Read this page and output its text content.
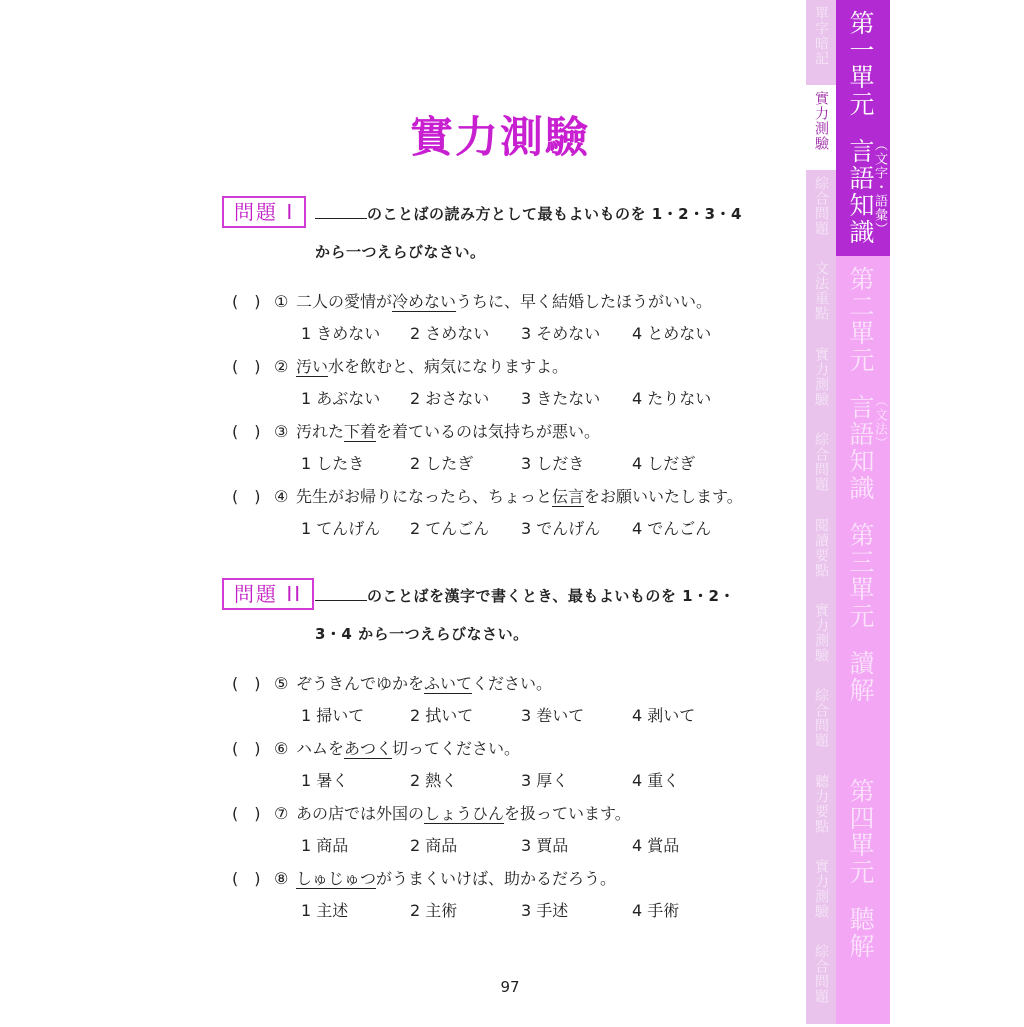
實力測驗
問題 I	のことばの読み方として最もよいものを 1・2・3・4
から一つえらびなさい。
(　) ① 二人の愛情が冷めないうちに、早く結婚したほうがいい。
1 きめない 2 さめない 3 そめない 4 とめない
(　) ② 汚い水を飲むと、病気になりますよ。
1 あぶない 2 おさない 3 きたない 4 たりない
(　) ③ 汚れた下着を着ているのは気持ちが悪い。
1 したき	2 したぎ	3 しだき	4 しだぎ
(　) ④ 先生がお帰りになったら、ちょっと伝言をお願いいたします。
1 てんげん 2 てんごん 3 でんげん 4 でんごん
問題 II	のことばを漢字で書くとき、最もよいものを 1・2・
3・4 から一つえらびなさい。
(　) ⑤ ぞうきんでゆかをふいてください。
1 掃いて	2 拭いて	3 巻いて	4 剥いて
(　) ⑥ ハムをあつく切ってください。
1 暑く	2 熱く	3 厚く	4 重く
(　) ⑦ あの店では外国のしょうひんを扱っています。
1 商品	2 商品	3 賈品	4 賞品
(　) ⑧ しゅじゅつがうまくいけば、助かるだろう。
1 主述	2 主術	3 手述	4 手術
97
單字暗記
實力測驗
綜合問題
文法重點
實力測驗
綜合問題
閱讀要點
實力測驗
綜合問題
聽力要點
實力測驗
綜合問題
第一單元
言語知識
（文字・語彙）
第二單元
言語知識
（文法）
第三單元
讀解
第四單元
聽解
